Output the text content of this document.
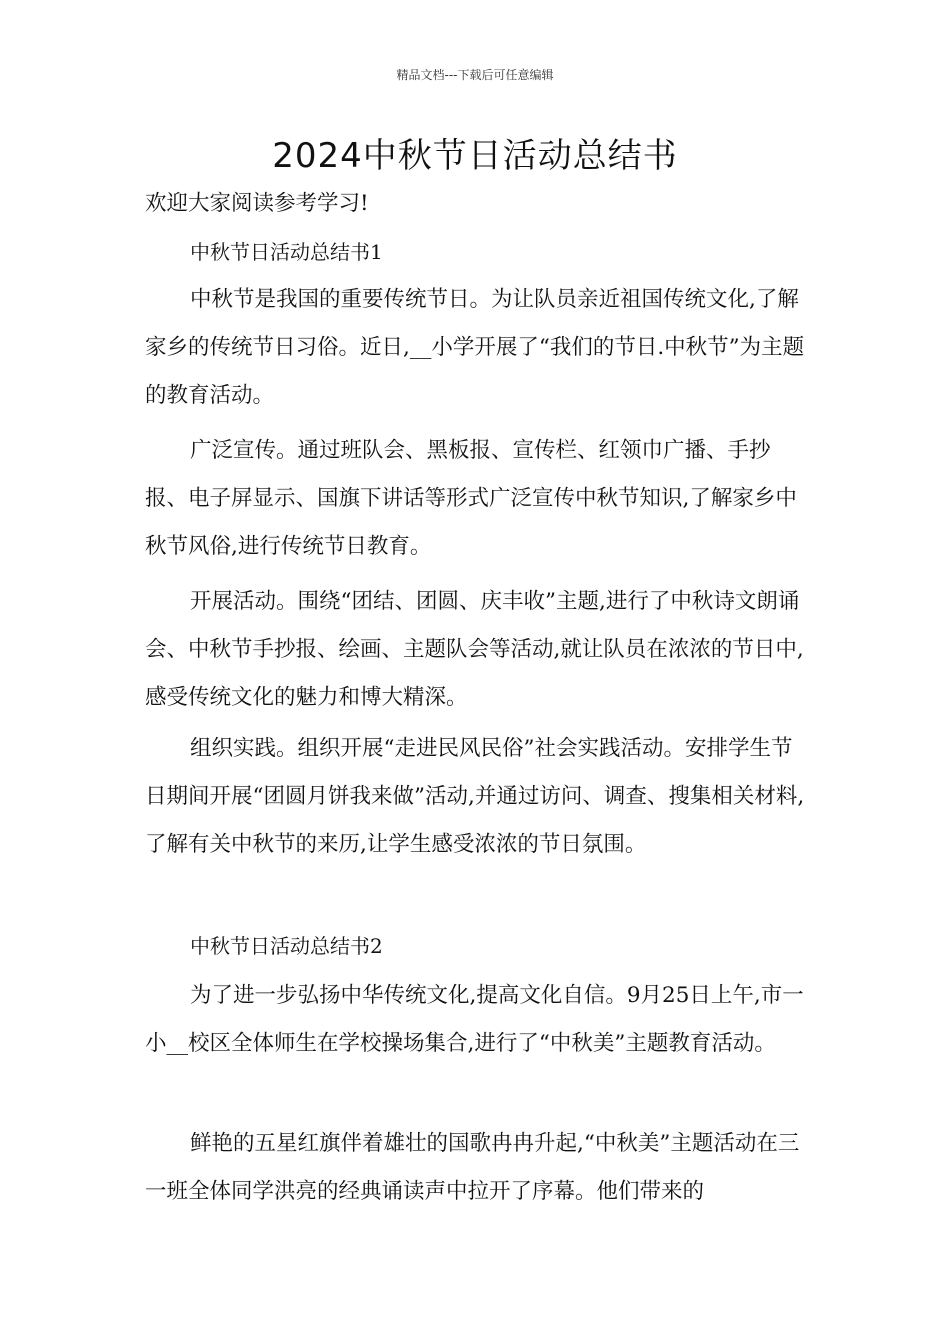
精品文档---下载后可任意编辑
2024中秋节日活动总结书

欢迎大家阅读参考学习!

中秋节日活动总结书1

中秋节是我国的重要传统节日。为让队员亲近祖国传统文化,了解家乡的传统节日习俗。近日,__小学开展了“我们的节日.中秋节”为主题的教育活动。

广泛宣传。通过班队会、黑板报、宣传栏、红领巾广播、手抄报、电子屏显示、国旗下讲话等形式广泛宣传中秋节知识,了解家乡中秋节风俗,进行传统节日教育。

开展活动。围绕“团结、团圆、庆丰收”主题,进行了中秋诗文朗诵会、中秋节手抄报、绘画、主题队会等活动,就让队员在浓浓的节日中,感受传统文化的魅力和博大精深。

组织实践。组织开展“走进民风民俗”社会实践活动。安排学生节日期间开展“团圆月饼我来做”活动,并通过访问、调查、搜集相关材料,了解有关中秋节的来历,让学生感受浓浓的节日氛围。

中秋节日活动总结书2

为了进一步弘扬中华传统文化,提高文化自信。9月25日上午,市一小__校区全体师生在学校操场集合,进行了“中秋美”主题教育活动。

鲜艳的五星红旗伴着雄壮的国歌冉冉升起,“中秋美”主题活动在三一班全体同学洪亮的经典诵读声中拉开了序幕。他们带来的
